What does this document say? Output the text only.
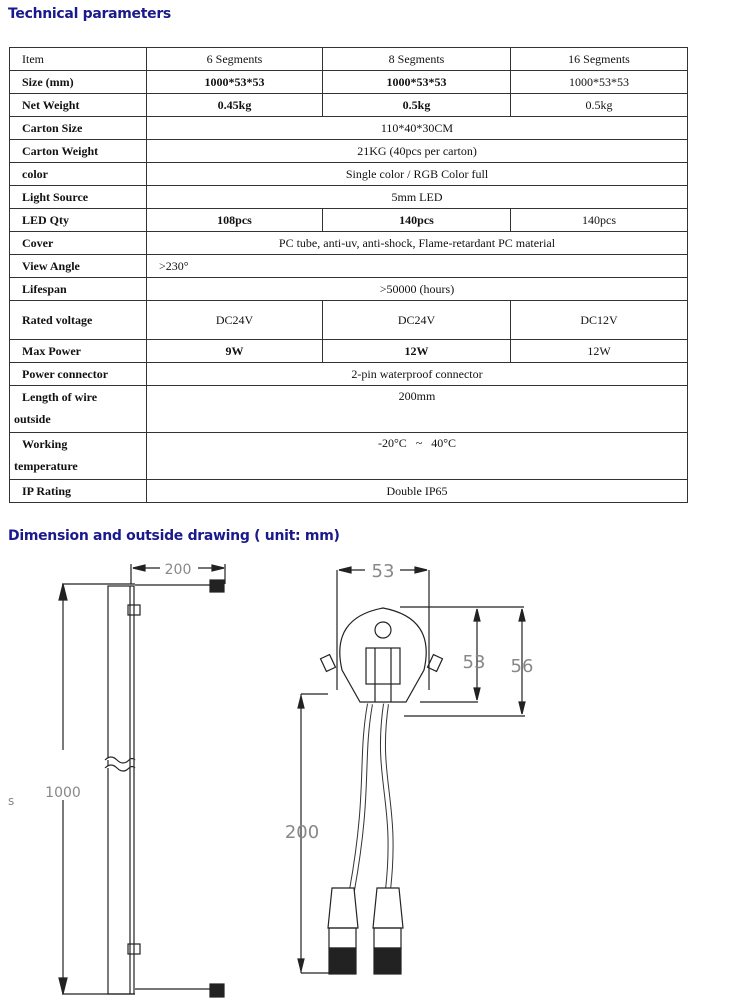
Technical parameters
Item	6 Segments	8 Segments	16 Segments
Size (mm)	1000*53*53	1000*53*53	1000*53*53
Net Weight	0.45kg	0.5kg	0.5kg
Carton Size	110*40*30CM		
Carton Weight	21KG (40pcs per carton)		
color	Single color / RGB Color full		
Light Source	5mm LED		
LED Qty	108pcs	140pcs	140pcs
Cover	PC tube, anti-uv, anti-shock, Flame-retardant PC material		
View Angle	>230°		
Lifespan	>50000 (hours)		
Rated voltage	DC24V	DC24V	DC12V
Max Power	9W	12W	12W
Power connector	2-pin waterproof connector		

Length of wire
outside	200mm		

Working
temperature	-20°C   ~   40°C		
IP Rating	Double IP65		
Dimension and outside drawing ( unit: mm)
200
1000
s
53
53 56
200
